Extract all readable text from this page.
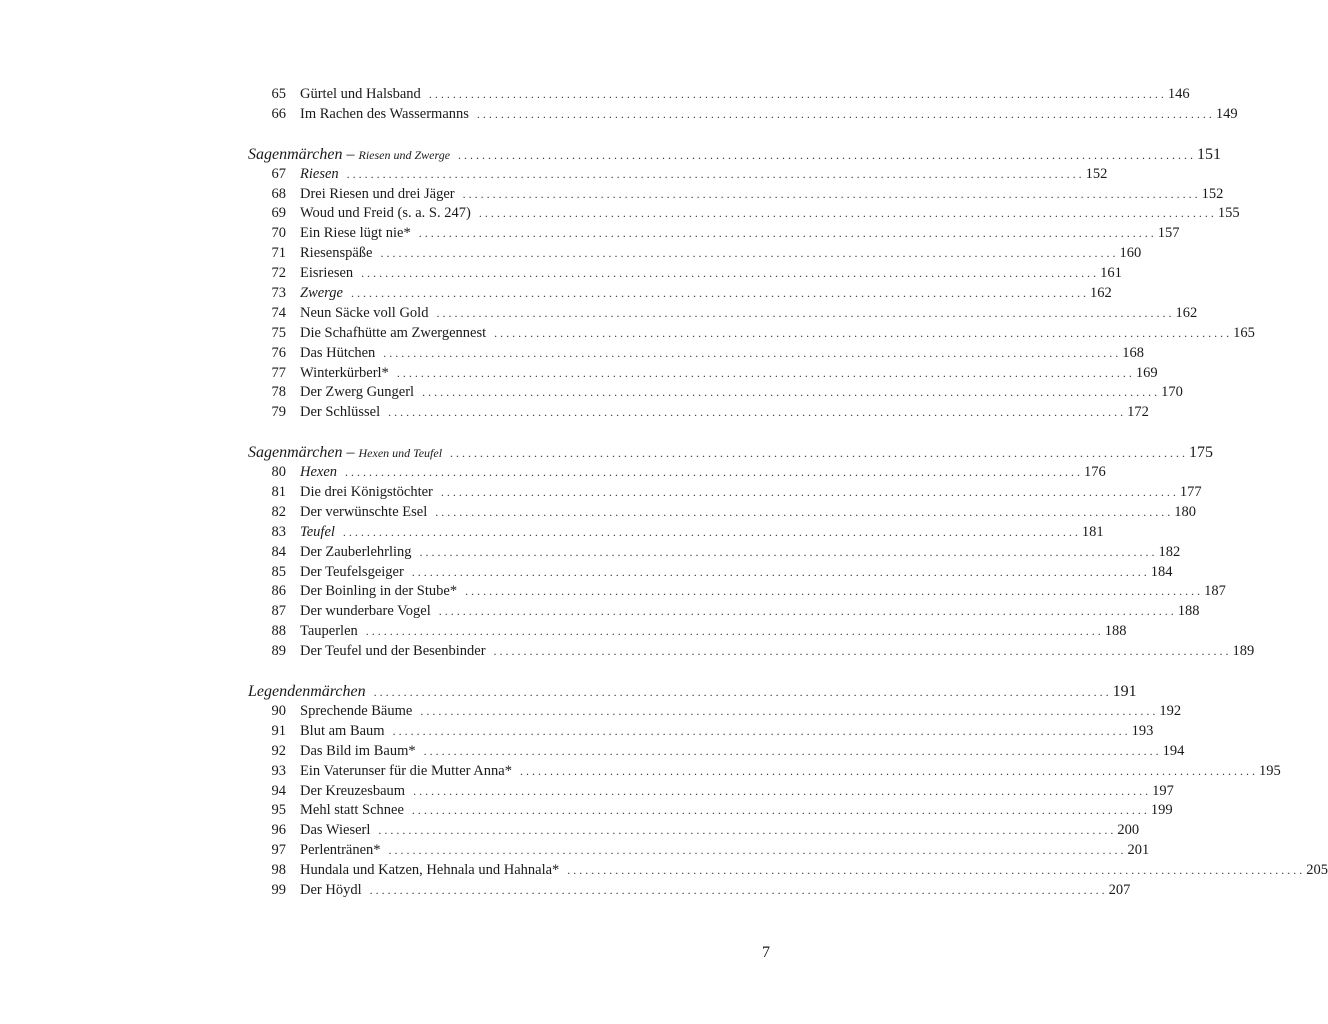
65 Gürtel und Halsband . . .	146
66 Im Rachen des Wassermanns . . .	149
Sagenmärchen – Riesen und Zwerge . . .	151
67 Riesen . . .	152
68 Drei Riesen und drei Jäger . . .	152
69 Woud und Freid (s. a. S. 247) . . .	155
70 Ein Riese lügt nie* . . .	157
71 Riesenspäße . . .	160
72 Eisriesen . . .	161
73 Zwerge . . .	162
74 Neun Säcke voll Gold . . .	162
75 Die Schafhütte am Zwergennest . . .	165
76 Das Hütchen . . .	168
77 Winterkürberl* . . .	169
78 Der Zwerg Gungerl . . .	170
79 Der Schlüssel . . .	172
Sagenmärchen – Hexen und Teufel . . .	175
80 Hexen . . .	176
81 Die drei Königstöchter . . .	177
82 Der verwünschte Esel . . .	180
83 Teufel . . .	181
84 Der Zauberlehrling . . .	182
85 Der Teufelsgeiger . . .	184
86 Der Boinling in der Stube* . . .	187
87 Der wunderbare Vogel . . .	188
88 Tauperlen . . .	188
89 Der Teufel und der Besenbinder . . .	189
Legendenmärchen . . .	191
90 Sprechende Bäume . . .	192
91 Blut am Baum . . .	193
92 Das Bild im Baum* . . .	194
93 Ein Vaterunser für die Mutter Anna* . . .	195
94 Der Kreuzesbaum . . .	197
95 Mehl statt Schnee . . .	199
96 Das Wieserl . . .	200
97 Perlentränen* . . .	201
98 Hundala und Katzen, Hehnala und Hahnala* . . .	205
99 Der Höydl . . .	207
7
